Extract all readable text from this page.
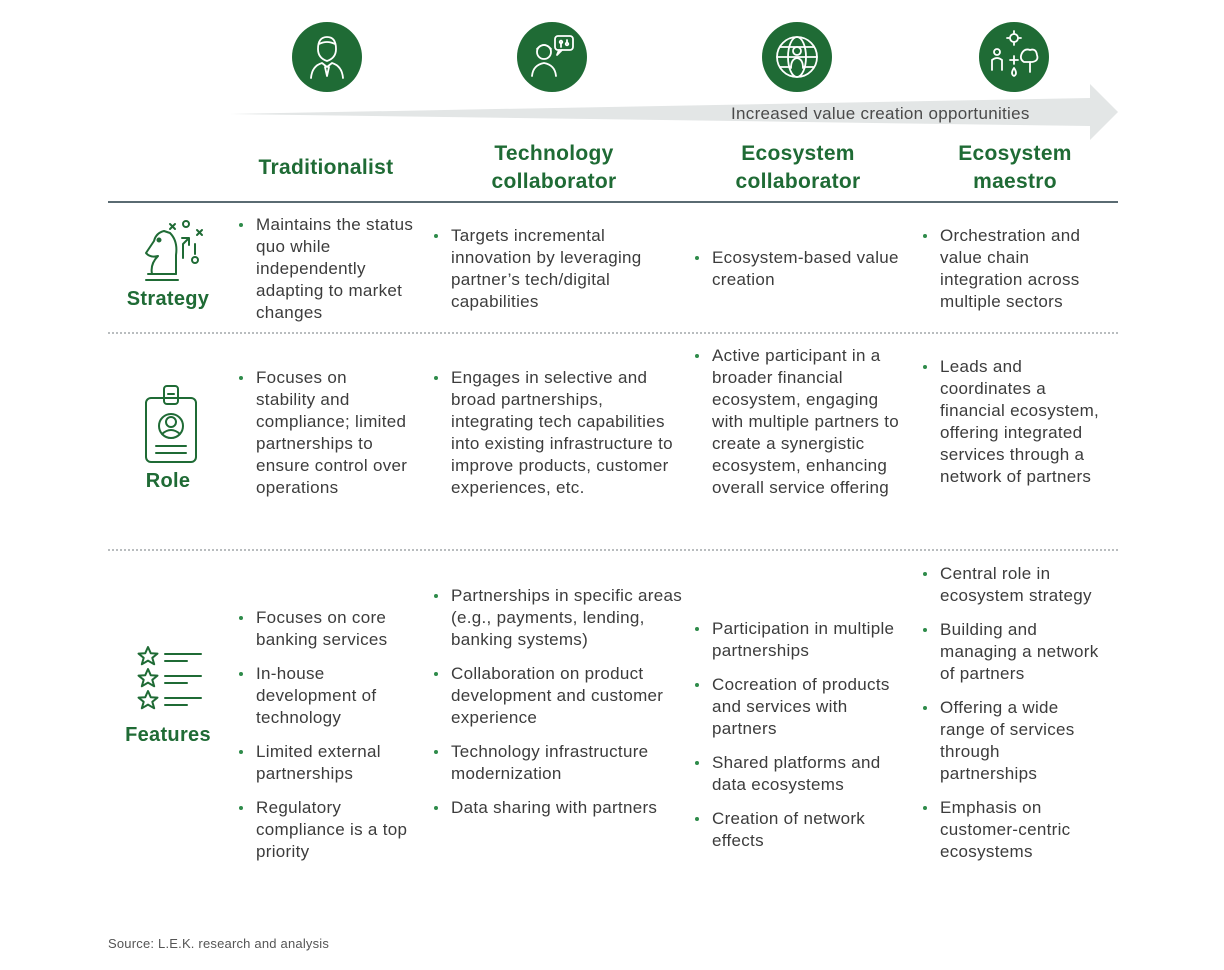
Increased value creation opportunities
Traditionalist
Technology
collaborator
Ecosystem
collaborator
Ecosystem
maestro
Strategy
Maintains the status quo while independently adapting to market changes
Targets incremental innovation by leveraging partner’s tech/digital capabilities
Ecosystem-based value creation
Orchestration and value chain integration across multiple sectors
Role
Focuses on stability and compliance; limited partnerships to ensure control over operations
Engages in selective and broad partnerships, integrating tech capabilities into existing infrastructure to improve products, customer experiences, etc.
Active participant in a broader financial ecosystem, engaging with multiple partners to create a synergistic ecosystem, enhancing overall service offering
Leads and coordinates a financial ecosystem, offering integrated services through a network of partners
Features
Focuses on core banking services
In-house development of technology
Limited external partnerships
Regulatory compliance is a top priority
Partnerships in specific areas (e.g., payments, lending, banking systems)
Collaboration on product development and customer experience
Technology infrastructure modernization
Data sharing with partners
Participation in multiple partnerships
Cocreation of products and services with partners
Shared platforms and data ecosystems
Creation of network effects
Central role in ecosystem strategy
Building and managing a network of partners
Offering a wide range of services through partnerships
Emphasis on customer-centric ecosystems
Source: L.E.K. research and analysis
